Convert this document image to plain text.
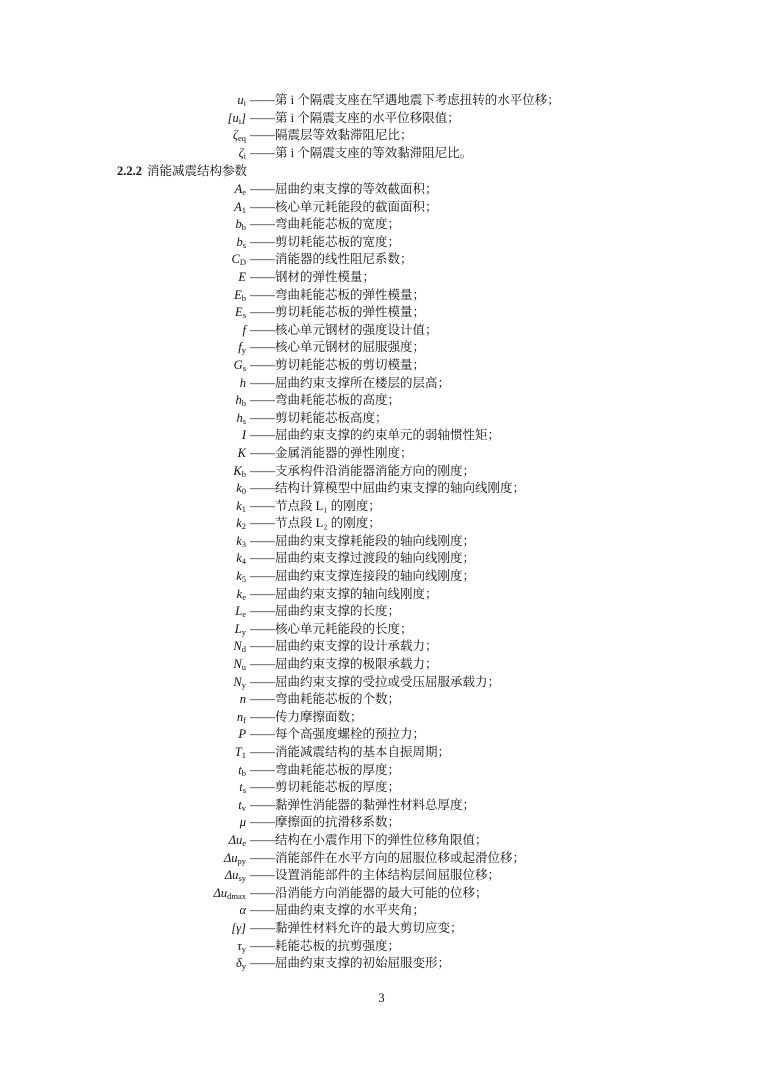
$u_i$ ——第 i 个隔震支座在罕遇地震下考虑扭转的水平位移；
$[u_i]$ ——第 i 个隔震支座的水平位移限值；
$\zeta_{eq}$ ——隔震层等效黏滞阻尼比；
$\zeta_i$ ——第 i 个隔震支座的等效黏滞阻尼比。
2.2.2 消能减震结构参数
$A_e$ ——屈曲约束支撑的等效截面积；
$A_1$ ——核心单元耗能段的截面面积；
$b_b$ ——弯曲耗能芯板的宽度；
$b_s$ ——剪切耗能芯板的宽度；
$C_D$ ——消能器的线性阻尼系数；
E ——钢材的弹性模量；
$E_b$ ——弯曲耗能芯板的弹性模量；
$E_s$ ——剪切耗能芯板的弹性模量；
f ——核心单元钢材的强度设计值；
$f_y$ ——核心单元钢材的屈服强度；
$G_s$ ——剪切耗能芯板的剪切模量；
h ——屈曲约束支撑所在楼层的层高；
$h_b$ ——弯曲耗能芯板的高度；
$h_s$ ——剪切耗能芯板高度；
I ——屈曲约束支撑的约束单元的弱轴惯性矩；
K ——金属消能器的弹性刚度；
$K_b$ ——支承构件沿消能器消能方向的刚度；
$k_0$ ——结构计算模型中屈曲约束支撑的轴向线刚度；
$k_1$ ——节点段 L₁ 的刚度；
$k_2$ ——节点段 L₂ 的刚度；
$k_3$ ——屈曲约束支撑耗能段的轴向线刚度；
$k_4$ ——屈曲约束支撑过渡段的轴向线刚度；
$k_5$ ——屈曲约束支撑连接段的轴向线刚度；
$k_e$ ——屈曲约束支撑的轴向线刚度；
$L_e$ ——屈曲约束支撑的长度；
$L_y$ ——核心单元耗能段的长度；
$N_d$ ——屈曲约束支撑的设计承载力；
$N_u$ ——屈曲约束支撑的极限承载力；
$N_y$ ——屈曲约束支撑的受拉或受压屈服承载力；
n ——弯曲耗能芯板的个数；
$n_f$ ——传力摩擦面数；
P ——每个高强度螺栓的预拉力；
$T_1$ ——消能减震结构的基本自振周期；
$t_b$ ——弯曲耗能芯板的厚度；
$t_s$ ——剪切耗能芯板的厚度；
$t_v$ ——黏弹性消能器的黏弹性材料总厚度；
μ ——摩擦面的抗滑移系数；
$\Delta u_e$ ——结构在小震作用下的弹性位移角限值；
$\Delta u_{py}$ ——消能部件在水平方向的屈服位移或起滑位移；
$\Delta u_{sy}$ ——设置消能部件的主体结构层间屈服位移；
$\Delta u_{dmax}$ ——沿消能方向消能器的最大可能的位移；
α ——屈曲约束支撑的水平夹角；
[γ] ——黏弹性材料允许的最大剪切应变；
$\tau_y$ ——耗能芯板的抗剪强度；
$\delta_y$ ——屈曲约束支撑的初始屈服变形；
3
